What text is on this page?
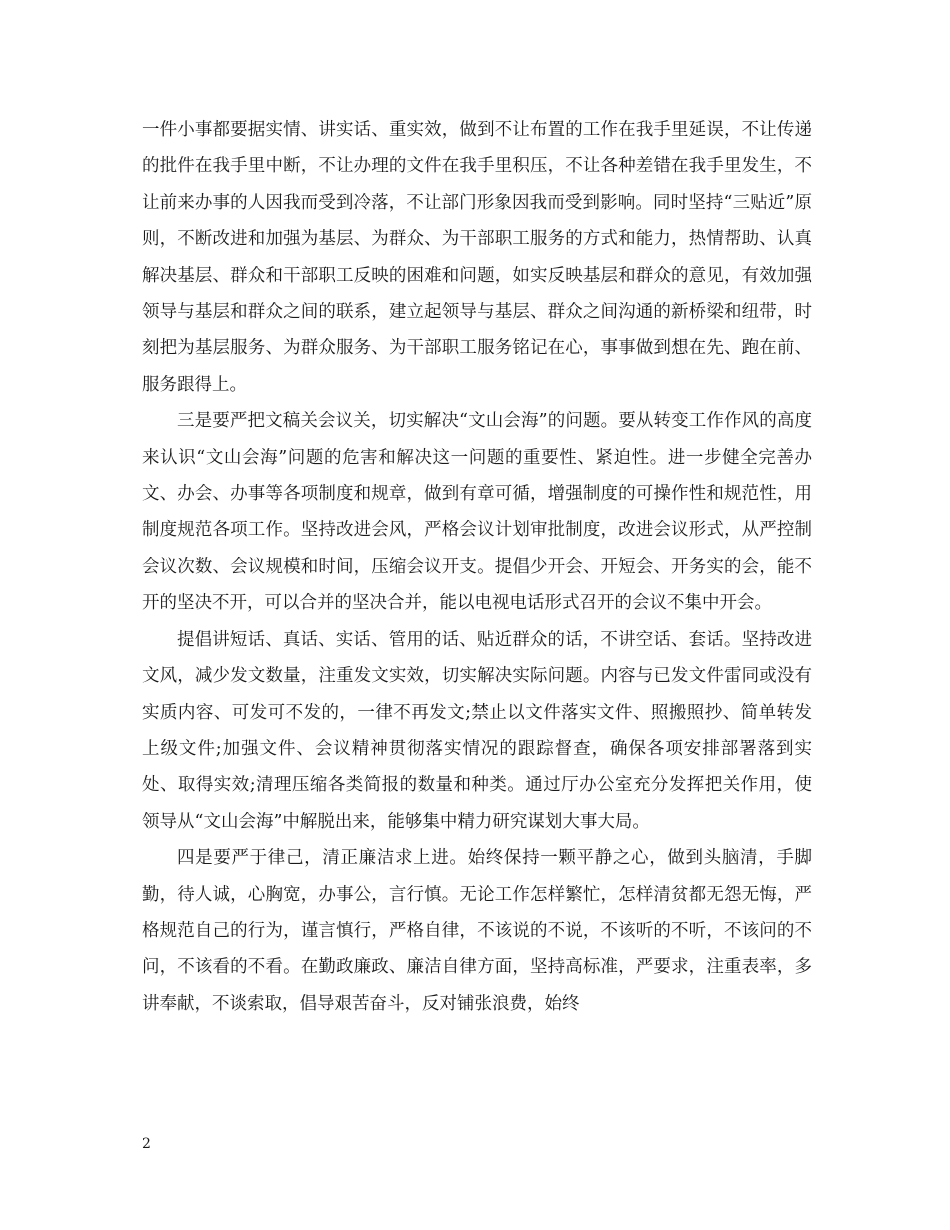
一件小事都要据实情、讲实话、重实效，做到不让布置的工作在我手里延误，不让传递的批件在我手里中断，不让办理的文件在我手里积压，不让各种差错在我手里发生，不让前来办事的人因我而受到冷落，不让部门形象因我而受到影响。同时坚持“三贴近”原则，不断改进和加强为基层、为群众、为干部职工服务的方式和能力，热情帮助、认真解决基层、群众和干部职工反映的困难和问题，如实反映基层和群众的意见，有效加强领导与基层和群众之间的联系，建立起领导与基层、群众之间沟通的新桥梁和纽带，时刻把为基层服务、为群众服务、为干部职工服务铭记在心，事事做到想在先、跑在前、服务跟得上。

三是要严把文稿关会议关，切实解决“文山会海”的问题。要从转变工作作风的高度来认识“文山会海”问题的危害和解决这一问题的重要性、紧迫性。进一步健全完善办文、办会、办事等各项制度和规章，做到有章可循，增强制度的可操作性和规范性，用制度规范各项工作。坚持改进会风，严格会议计划审批制度，改进会议形式，从严控制会议次数、会议规模和时间，压缩会议开支。提倡少开会、开短会、开务实的会，能不开的坚决不开，可以合并的坚决合并，能以电视电话形式召开的会议不集中开会。

提倡讲短话、真话、实话、管用的话、贴近群众的话，不讲空话、套话。坚持改进文风，减少发文数量，注重发文实效，切实解决实际问题。内容与已发文件雷同或没有实质内容、可发可不发的，一律不再发文;禁止以文件落实文件、照搬照抄、简单转发上级文件;加强文件、会议精神贯彻落实情况的跟踪督查，确保各项安排部署落到实处、取得实效;清理压缩各类简报的数量和种类。通过厅办公室充分发挥把关作用，使领导从“文山会海”中解脱出来，能够集中精力研究谋划大事大局。

四是要严于律己，清正廉洁求上进。始终保持一颗平静之心，做到头脑清，手脚勤，待人诚，心胸宽，办事公，言行慎。无论工作怎样繁忙，怎样清贫都无怨无悔，严格规范自己的行为，谨言慎行，严格自律，不该说的不说，不该听的不听，不该问的不问，不该看的不看。在勤政廉政、廉洁自律方面，坚持高标准，严要求，注重表率，多讲奉献，不谈索取，倡导艰苦奋斗，反对铺张浪费，始终

2
